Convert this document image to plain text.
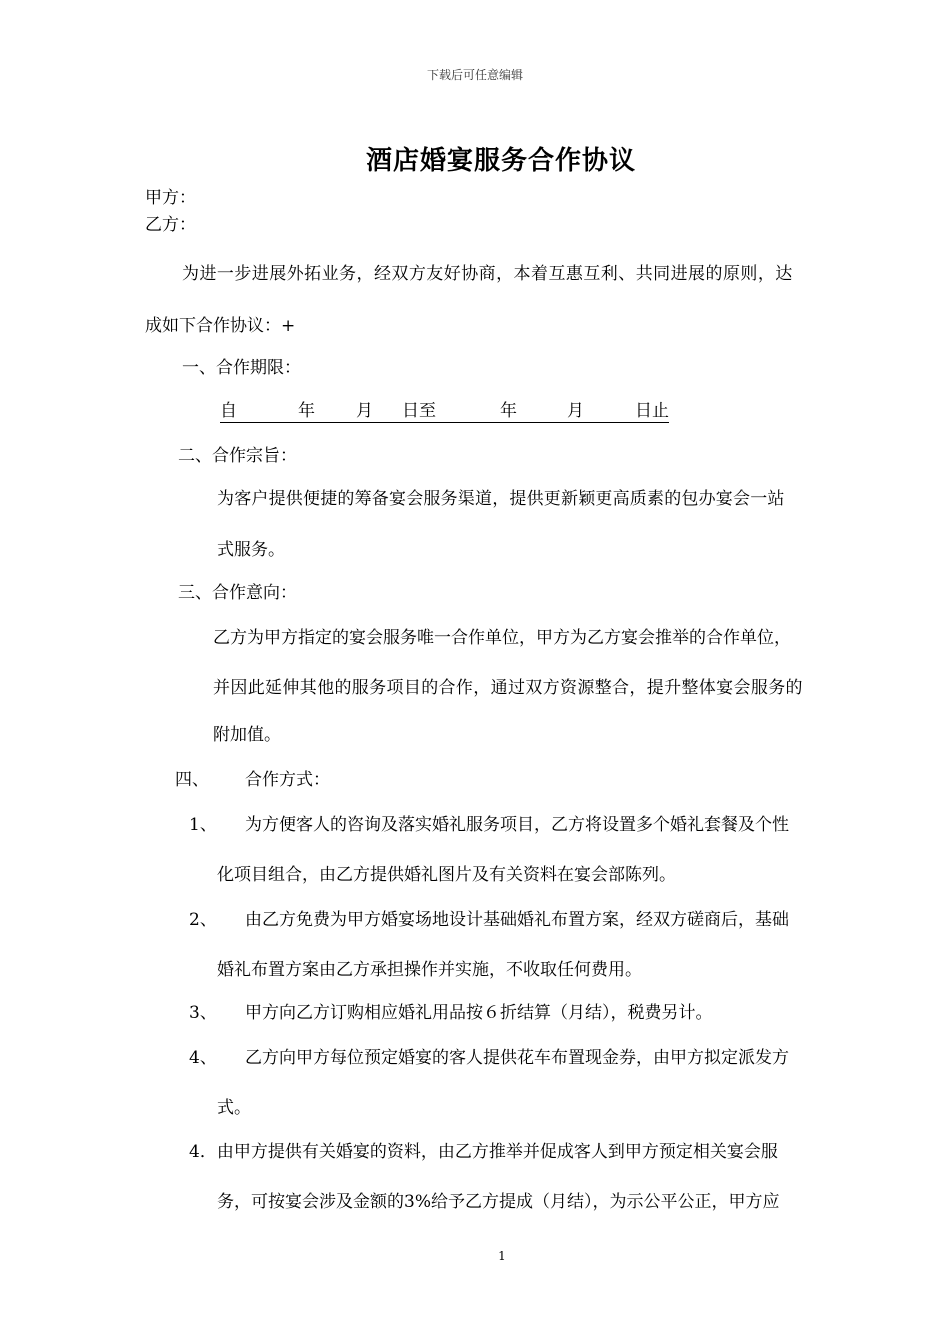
下载后可任意编辑
酒店婚宴服务合作协议
甲方：
乙方：
为进一步进展外拓业务，经双方友好协商，本着互惠互利、共同进展的原则，达
成如下合作协议：+
一、合作期限：
自	年 月 日至	年	月	日止
二、合作宗旨：
为客户提供便捷的筹备宴会服务渠道，提供更新颖更高质素的包办宴会一站
式服务。
三、合作意向：
乙方为甲方指定的宴会服务唯一合作单位，甲方为乙方宴会推举的合作单位，
并因此延伸其他的服务项目的合作，通过双方资源整合，提升整体宴会服务的
附加值。
四、 合作方式：
1、 为方便客人的咨询及落实婚礼服务项目，乙方将设置多个婚礼套餐及个性
化项目组合，由乙方提供婚礼图片及有关资料在宴会部陈列。
2、 由乙方免费为甲方婚宴场地设计基础婚礼布置方案，经双方磋商后，基础
婚礼布置方案由乙方承担操作并实施，不收取任何费用。
3、 甲方向乙方订购相应婚礼用品按６折结算（月结），税费另计。
4、 乙方向甲方每位预定婚宴的客人提供花车布置现金券，由甲方拟定派发方
式。
4．由甲方提供有关婚宴的资料，由乙方推举并促成客人到甲方预定相关宴会服
务，可按宴会涉及金额的3%给予乙方提成（月结），为示公平公正，甲方应
1
